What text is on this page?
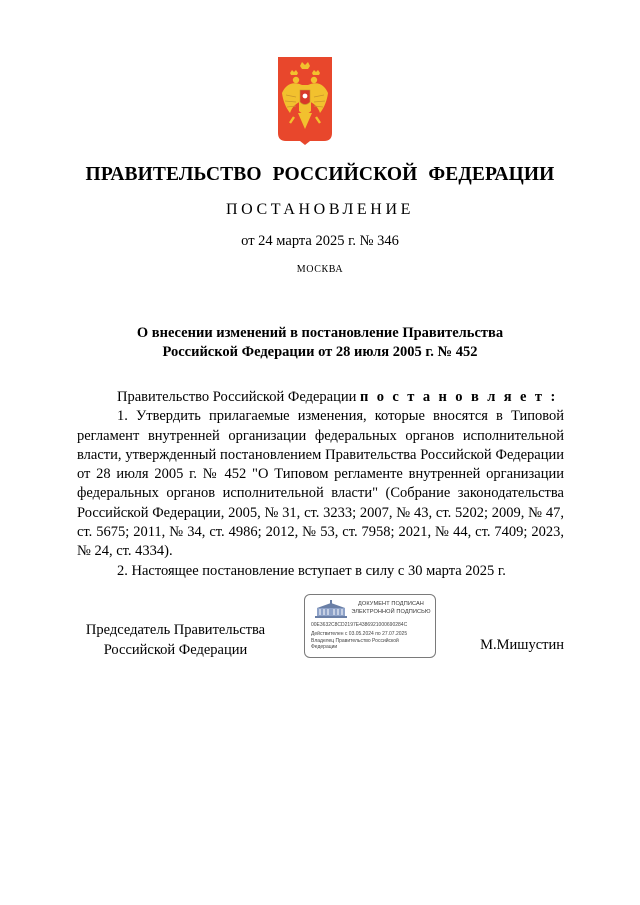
ПРАВИТЕЛЬСТВО РОССИЙСКОЙ ФЕДЕРАЦИИ
ПОСТАНОВЛЕНИЕ
от 24 марта 2025 г. № 346
МОСКВА
О внесении изменений в постановление Правительства
Российской Федерации от 28 июля 2005 г. № 452

Правительство Российской Федерации п о с т а н о в л я е т :

1. Утвердить прилагаемые изменения, которые вносятся в Типовой регламент внутренней организации федеральных органов исполнительной власти, утвержденный постановлением Правительства Российской Федерации от 28 июля 2005 г. № 452 "О Типовом регламенте внутренней организации федеральных органов исполнительной власти" (Собрание законодательства Российской Федерации, 2005, № 31, ст. 3233; 2007, № 43, ст. 5202; 2009, № 47, ст. 5675; 2011, № 34, ст. 4986; 2012, № 53, ст. 7958; 2021, № 44, ст. 7409; 2023, № 24, ст. 4334).

2. Настоящее постановление вступает в силу с 30 марта 2025 г.

Председатель Правительства
Российской Федерации
ДОКУМЕНТ ПОДПИСАН
ЭЛЕКТРОННОЙ ПОДПИСЬЮ
00E3632C8CD2197E4386921000690284C
Действителен с 03.05.2024 по 27.07.2025
Владелец Правительство Российской
Федерации	М.Мишустин
